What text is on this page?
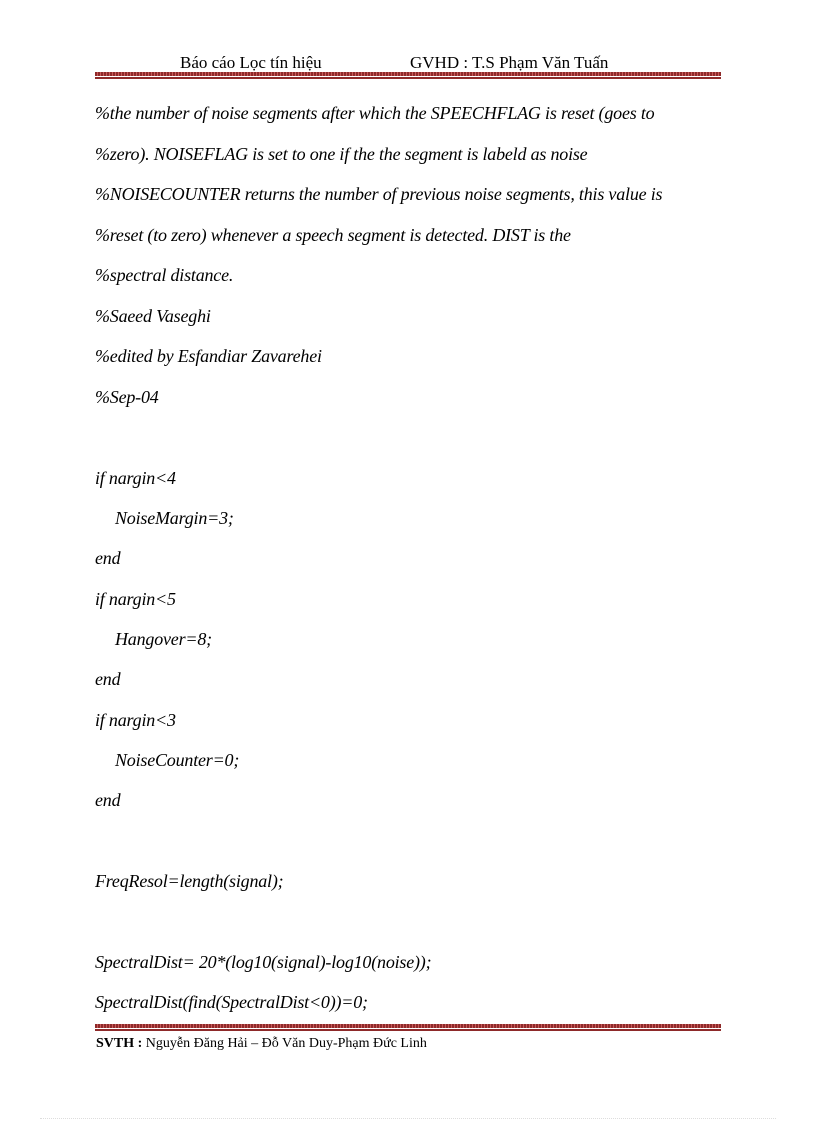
Báo cáo Lọc tín hiệu	GVHD : T.S Phạm Văn Tuấn
%the number of noise segments after which the SPEECHFLAG is reset (goes to
%zero). NOISEFLAG is set to one if the the segment is labeld as noise
%NOISECOUNTER returns the number of previous noise segments, this value is
%reset (to zero) whenever a speech segment is detected. DIST is the
%spectral distance.
%Saeed Vaseghi
%edited by Esfandiar Zavarehei
%Sep-04
if nargin<4
NoiseMargin=3;
end
if nargin<5
Hangover=8;
end
if nargin<3
NoiseCounter=0;
end
FreqResol=length(signal);
SpectralDist= 20*(log10(signal)-log10(noise));
SpectralDist(find(SpectralDist<0))=0;
SVTH : Nguyễn Đăng Hải – Đỗ Văn Duy-Phạm Đức Linh
